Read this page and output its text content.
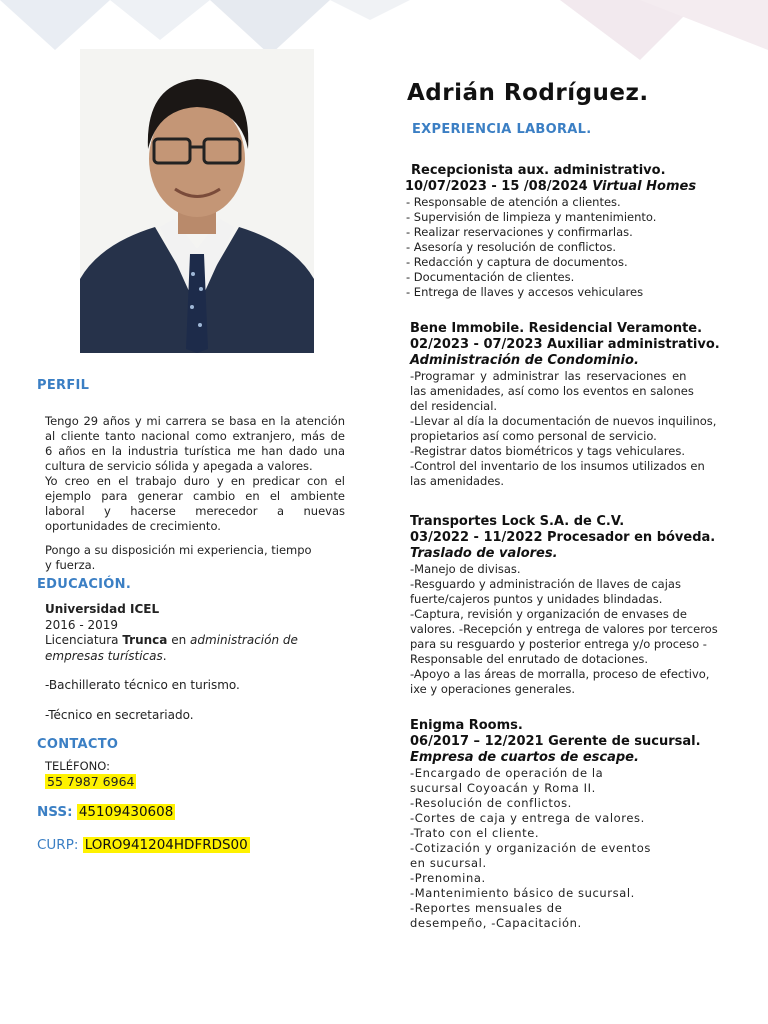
Adrián Rodríguez.
PERFIL
Tengo 29 años y mi carrera se basa en la atención
al cliente tanto nacional como extranjero, más de
6 años en la industria turística me han dado una
cultura de servicio sólida y apegada a valores.
Yo creo en el trabajo duro y en predicar con el
ejemplo para generar cambio en el ambiente
laboral y hacerse merecedor a nuevas
oportunidades de crecimiento.
Pongo a su disposición mi experiencia, tiempo
y fuerza.
EDUCACIÓN.
Universidad ICEL
2016 - 2019
Licenciatura Trunca en administración de
empresas turísticas.
-Bachillerato técnico en turismo.
-Técnico en secretariado.
CONTACTO
TELÉFONO:
55 7987 6964
NSS: 45109430608
CURP: LORO941204HDFRDS00
EXPERIENCIA LABORAL.
Recepcionista aux. administrativo.
10/07/2023 - 15 /08/2024 Virtual Homes
- Responsable de atención a clientes.
- Supervisión de limpieza y mantenimiento.
- Realizar reservaciones y confirmarlas.
- Asesoría y resolución de conflictos.
- Redacción y captura de documentos.
- Documentación de clientes.
- Entrega de llaves y accesos vehiculares
Bene Immobile. Residencial Veramonte.
02/2023 - 07/2023 Auxiliar administrativo.
Administración de Condominio.
-Programar y administrar las reservaciones en
las amenidades, así como los eventos en salones
del residencial.
-Llevar al día la documentación de nuevos inquilinos,
propietarios así como personal de servicio.
-Registrar datos biométricos y tags vehiculares.
-Control del inventario de los insumos utilizados en
las amenidades.
Transportes Lock S.A. de C.V.
03/2022 - 11/2022 Procesador en bóveda.
Traslado de valores.
-Manejo de divisas.
-Resguardo y administración de llaves de cajas
fuerte/cajeros puntos y unidades blindadas.
-Captura, revisión y organización de envases de
valores. -Recepción y entrega de valores por terceros
para su resguardo y posterior entrega y/o proceso -
Responsable del enrutado de dotaciones.
-Apoyo a las áreas de morralla, proceso de efectivo,
ixe y operaciones generales.
Enigma Rooms.
06/2017 – 12/2021 Gerente de sucursal.
Empresa de cuartos de escape.
-Encargado de operación de la
sucursal Coyoacán y Roma II.
-Resolución de conflictos.
-Cortes de caja y entrega de valores.
-Trato con el cliente.
-Cotización y organización de eventos
en sucursal.
-Prenomina.
-Mantenimiento básico de sucursal.
-Reportes mensuales de
desempeño, -Capacitación.
